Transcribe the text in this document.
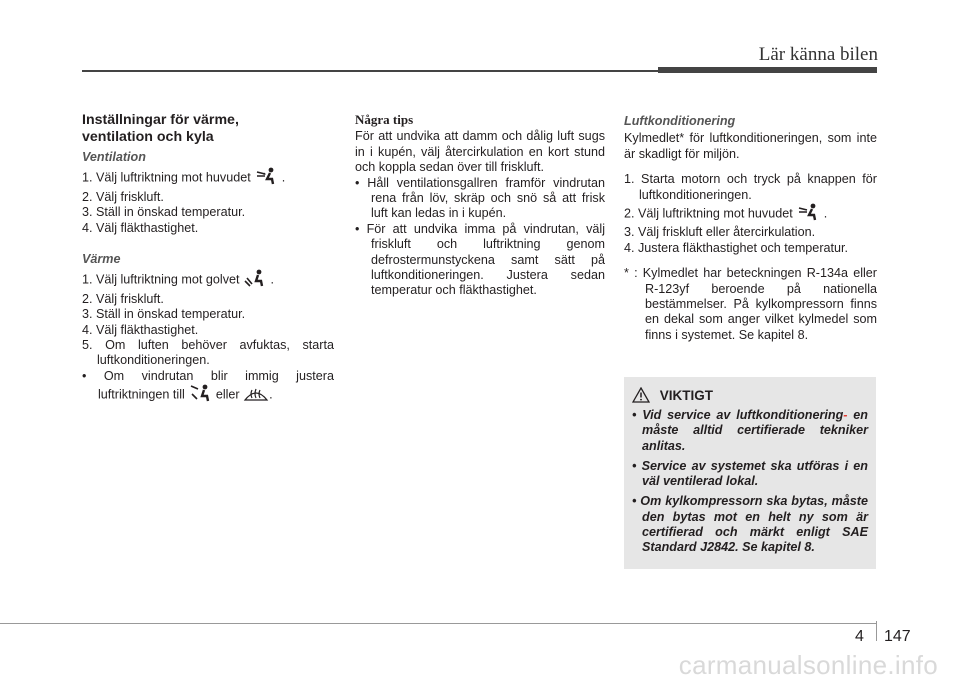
Lär känna bilen
Inställningar för värme,
ventilation och kyla
Ventilation

1. Välj luftriktning mot huvudet  .

2. Välj friskluft.

3. Ställ in önskad temperatur.

4. Välj fläkthastighet.

Värme

1. Välj luftriktning mot golvet  .

2. Välj friskluft.

3. Ställ in önskad temperatur.

4. Välj fläkthastighet.

5. Om luften behöver avfuktas, starta luftkonditioneringen.

• Om vindrutan blir immig justera luftriktningen till eller .

Några tips

För att undvika att damm och dålig luft sugs in i kupén, välj återcirkulation en kort stund och koppla sedan över till friskluft.

• Håll ventilationsgallren framför vindrutan rena från löv, skräp och snö så att frisk luft kan ledas in i kupén.

• För att undvika imma på vindrutan, välj friskluft och luftriktning genom defrostermunstyckena samt sätt på luftkonditioneringen. Justera sedan temperatur och fläkthastighet.

Luftkonditionering

Kylmedlet* för luftkonditioneringen, som inte är skadligt för miljön.

1. Starta motorn och tryck på knappen för luftkonditioneringen.

2. Välj luftriktning mot huvudet  .

3. Välj friskluft eller återcirkulation.

4. Justera fläkthastighet och temperatur.

* : Kylmedlet har beteckningen R-134a eller R-123yf beroende på nationella bestämmelser. På kylkompressorn finns en dekal som anger vilket kylmedel som finns i systemet. Se kapitel 8.

VIKTIGT

• Vid service av luftkonditionering- en måste alltid certifierade tekniker anlitas.

• Service av systemet ska utföras i en väl ventilerad lokal.

• Om kylkompressorn ska bytas, måste den bytas mot en helt ny som är certifierad och märkt enligt SAE Standard J2842. Se kapitel 8.

4 147
carmanualsonline.info
